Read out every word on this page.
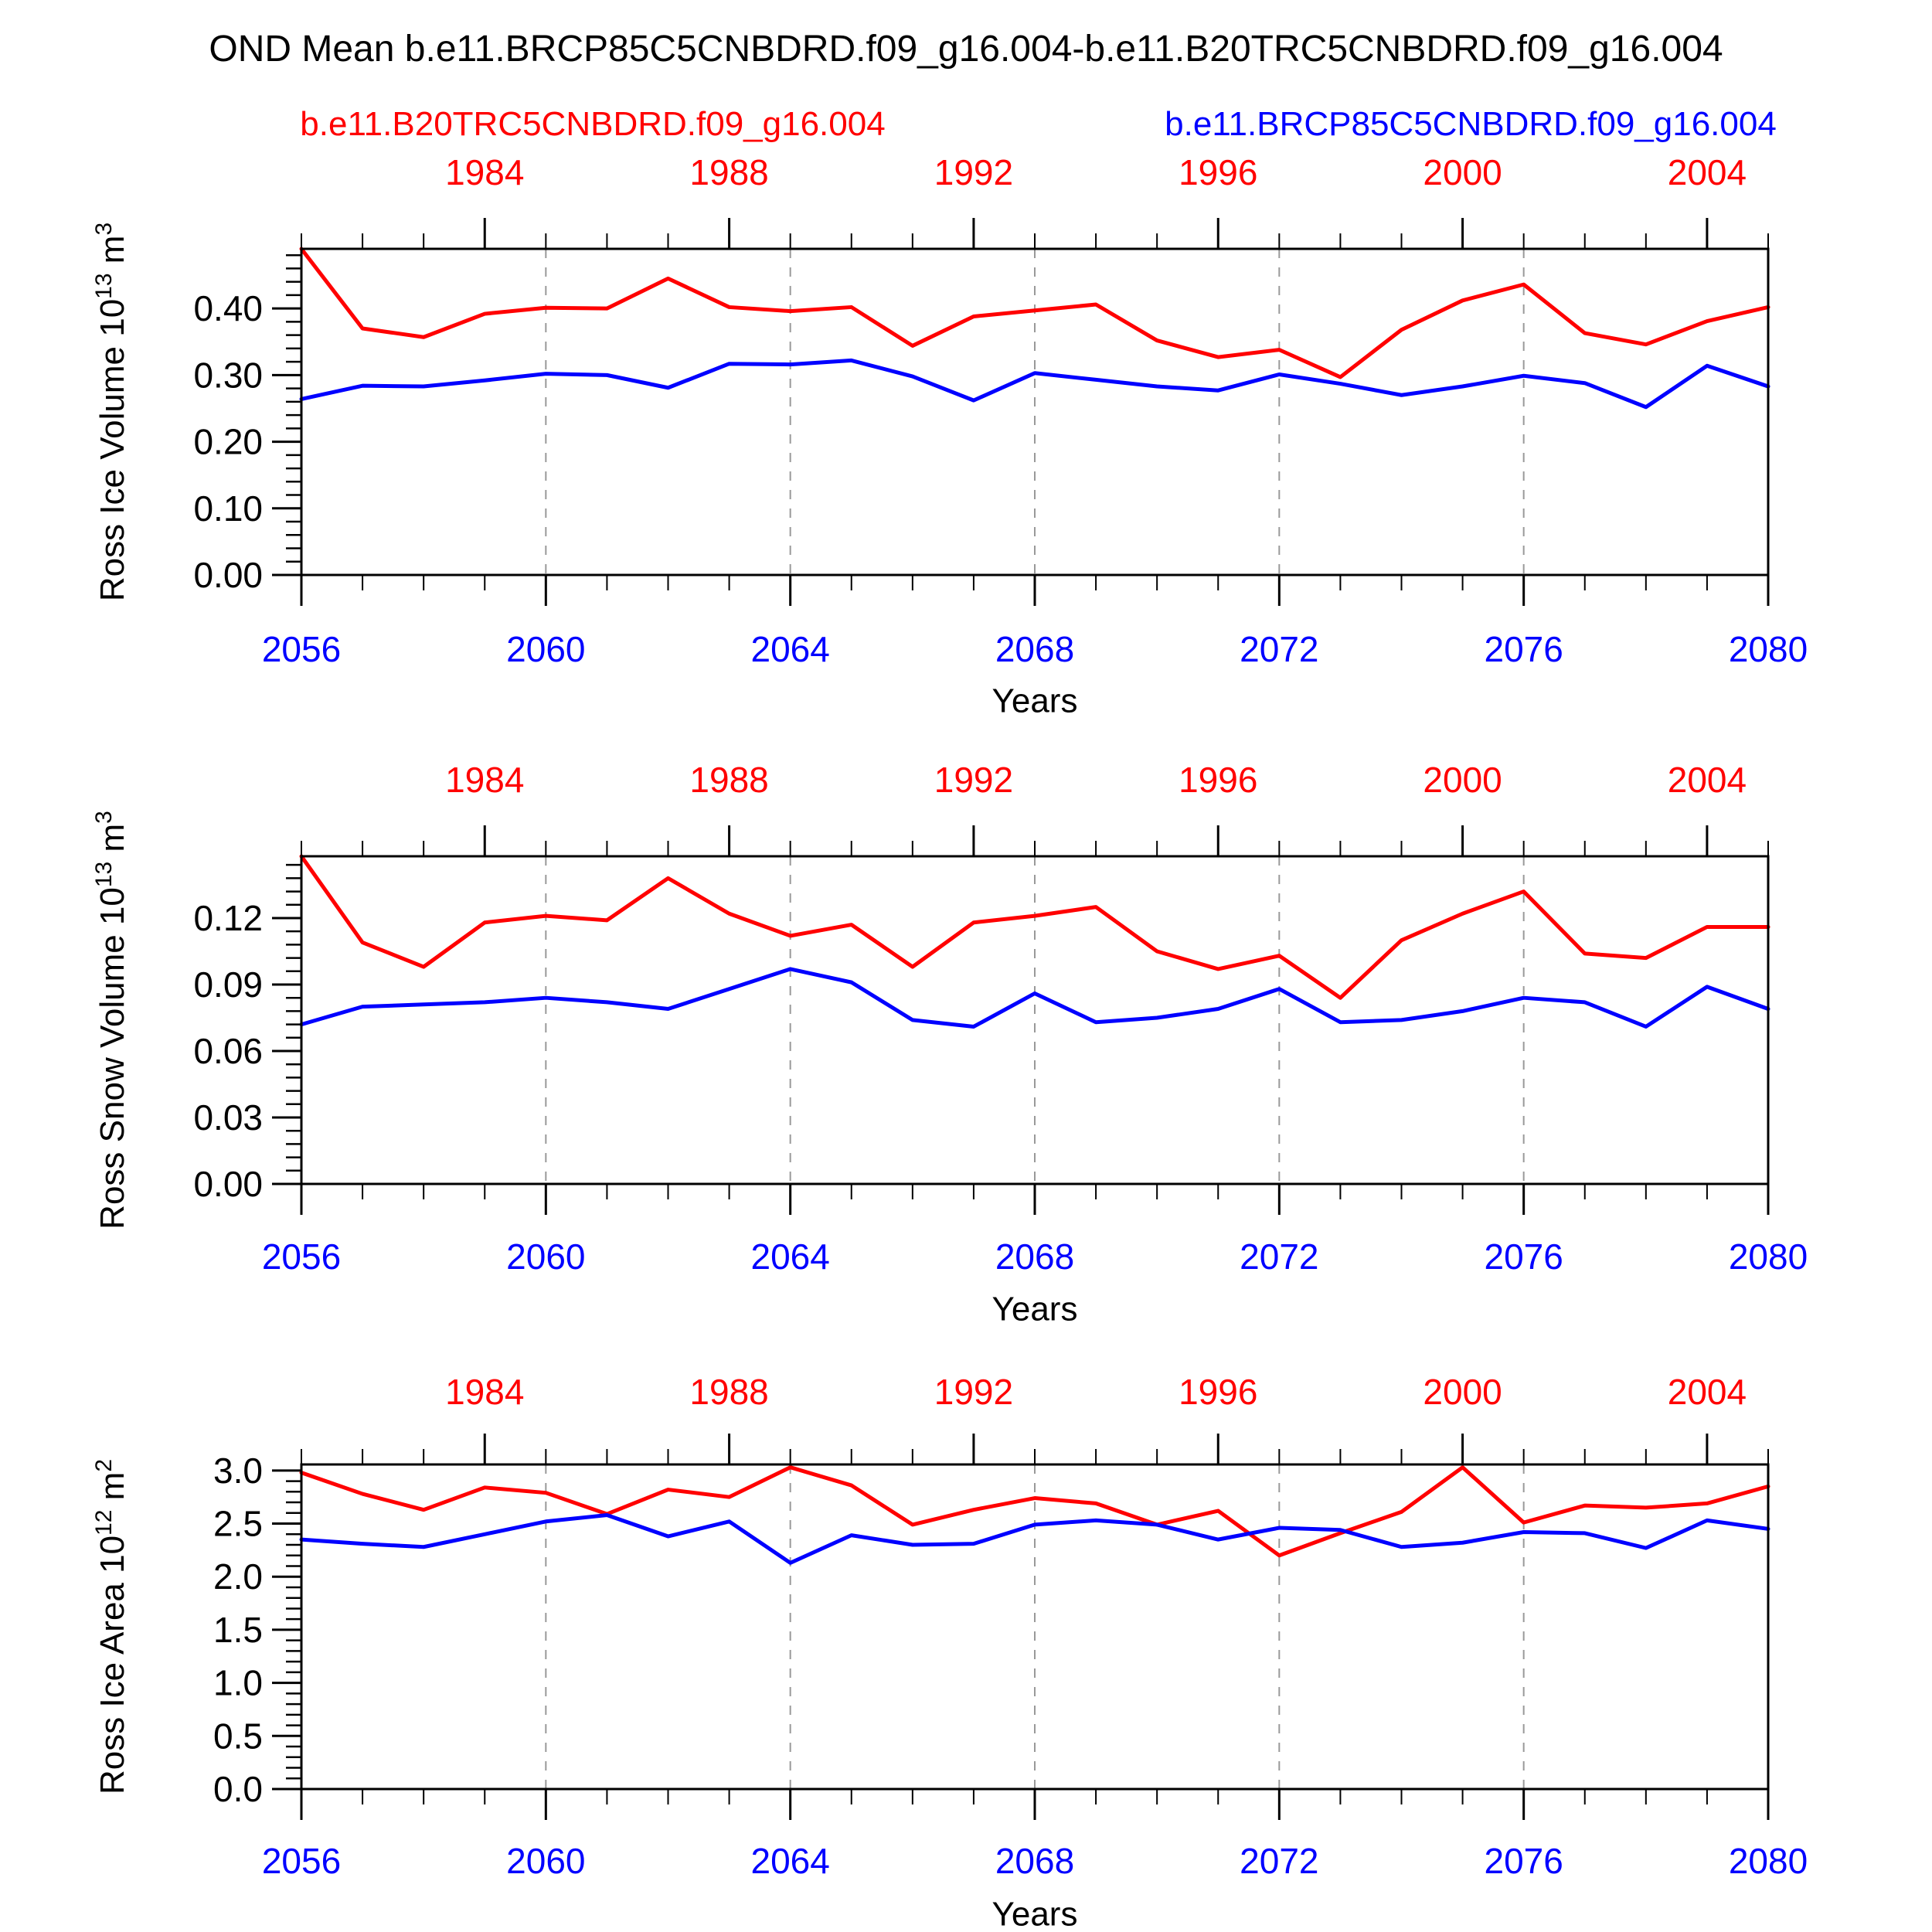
OND Mean b.e11.BRCP85C5CNBDRD.f09_g16.004-b.e11.B20TRC5CNBDRD.f09_g16.004
b.e11.B20TRC5CNBDRD.f09_g16.004	b.e11.BRCP85C5CNBDRD.f09_g16.004
0.00
0.10
0.20
0.30
0.40
1984	1988	1992	1996	2000	2004
2056	2060	2064	2068	2072	2076	2080
Years
Ross Ice Volume $10^{13}$ $m^3$
0.00
0.03
0.06
0.09
0.12
1984	1988	1992	1996	2000	2004
2056	2060	2064	2068	2072	2076	2080
Years
Ross Snow Volume $10^{13}$ $m^3$
0.0
0.5
1.0
1.5
2.0
2.5
3.0
1984	1988	1992	1996	2000	2004
2056	2060	2064	2068	2072	2076	2080
Years
Ross Ice Area $10^{12}$ $m^2$
